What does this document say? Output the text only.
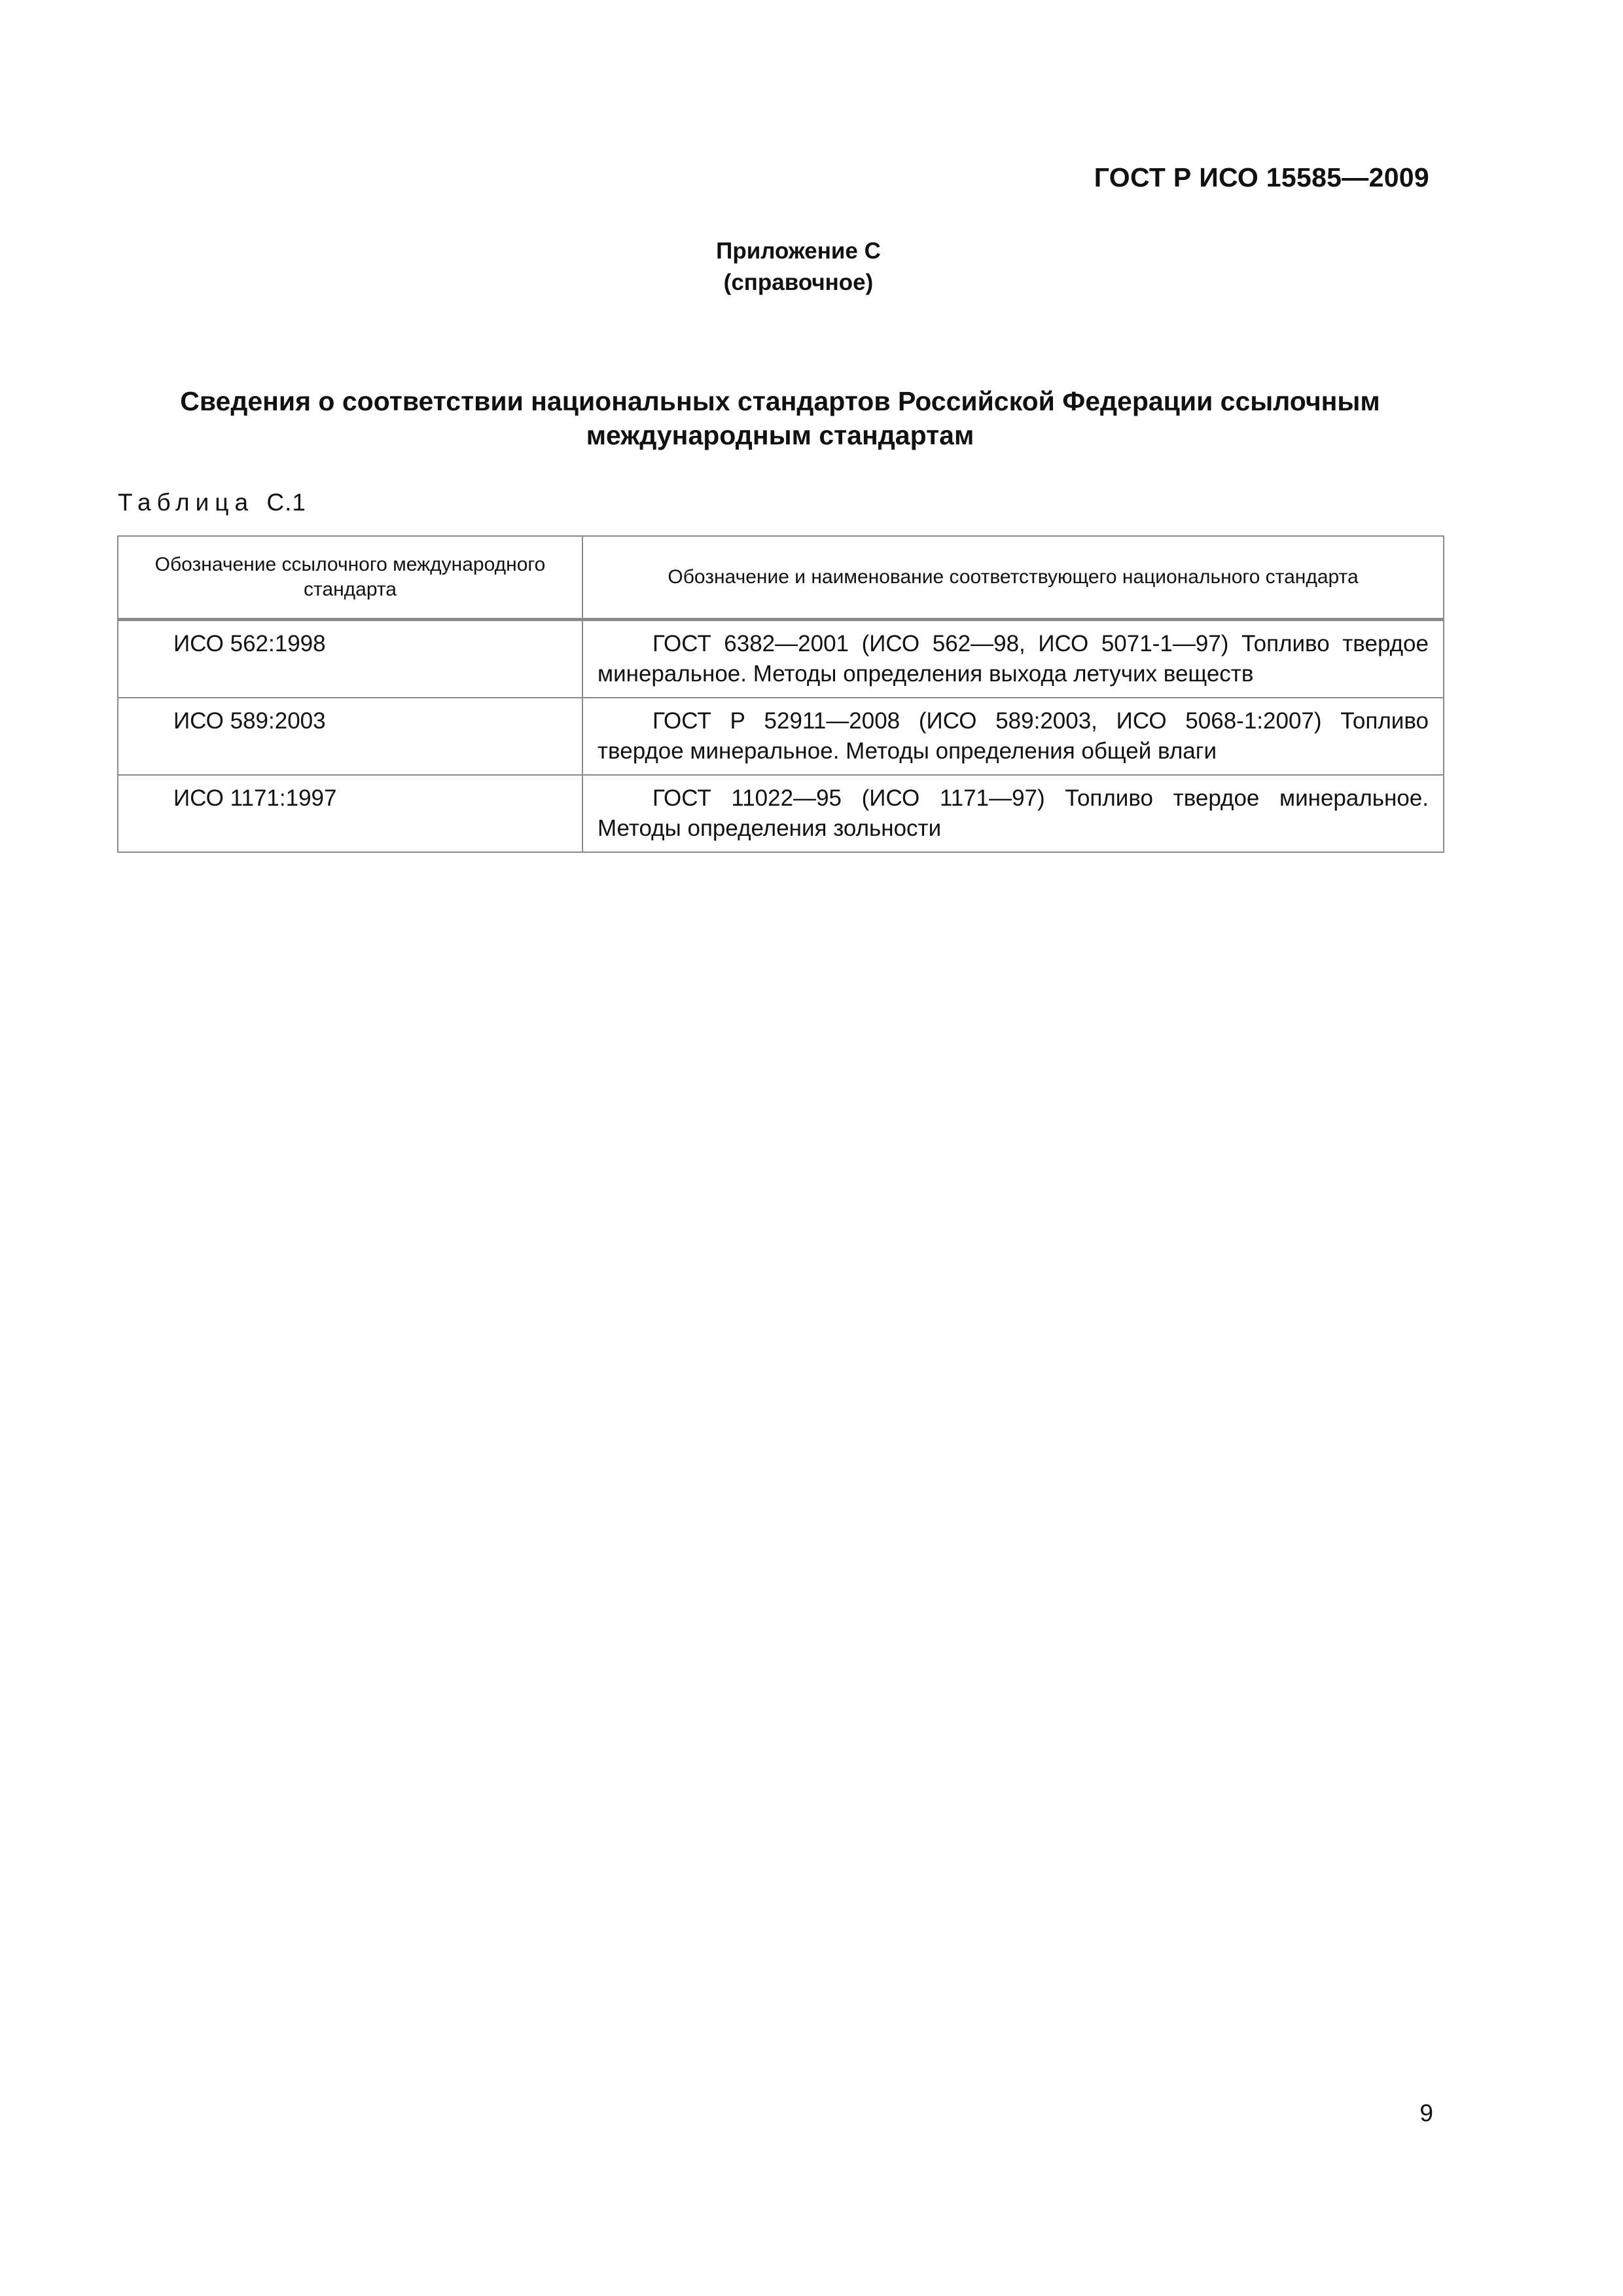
ГОСТ Р ИСО 15585—2009
Приложение С
(справочное)
Сведения о соответствии национальных стандартов Российской Федерации ссылочным
международным стандартам
Таблица С.1
Обозначение ссылочного международного стандарта	Обозначение и наименование соответствующего национального стандарта
ИСО 562:1998	ГОСТ 6382—2001 (ИСО 562—98, ИСО 5071-1—97) Топливо твердое минеральное. Методы определения выхода летучих веществ
ИСО 589:2003	ГОСТ Р 52911—2008 (ИСО 589:2003, ИСО 5068-1:2007) Топливо твердое минеральное. Методы определения общей влаги
ИСО 1171:1997	ГОСТ 11022—95 (ИСО 1171—97) Топливо твердое минеральное. Методы определения зольности
9
